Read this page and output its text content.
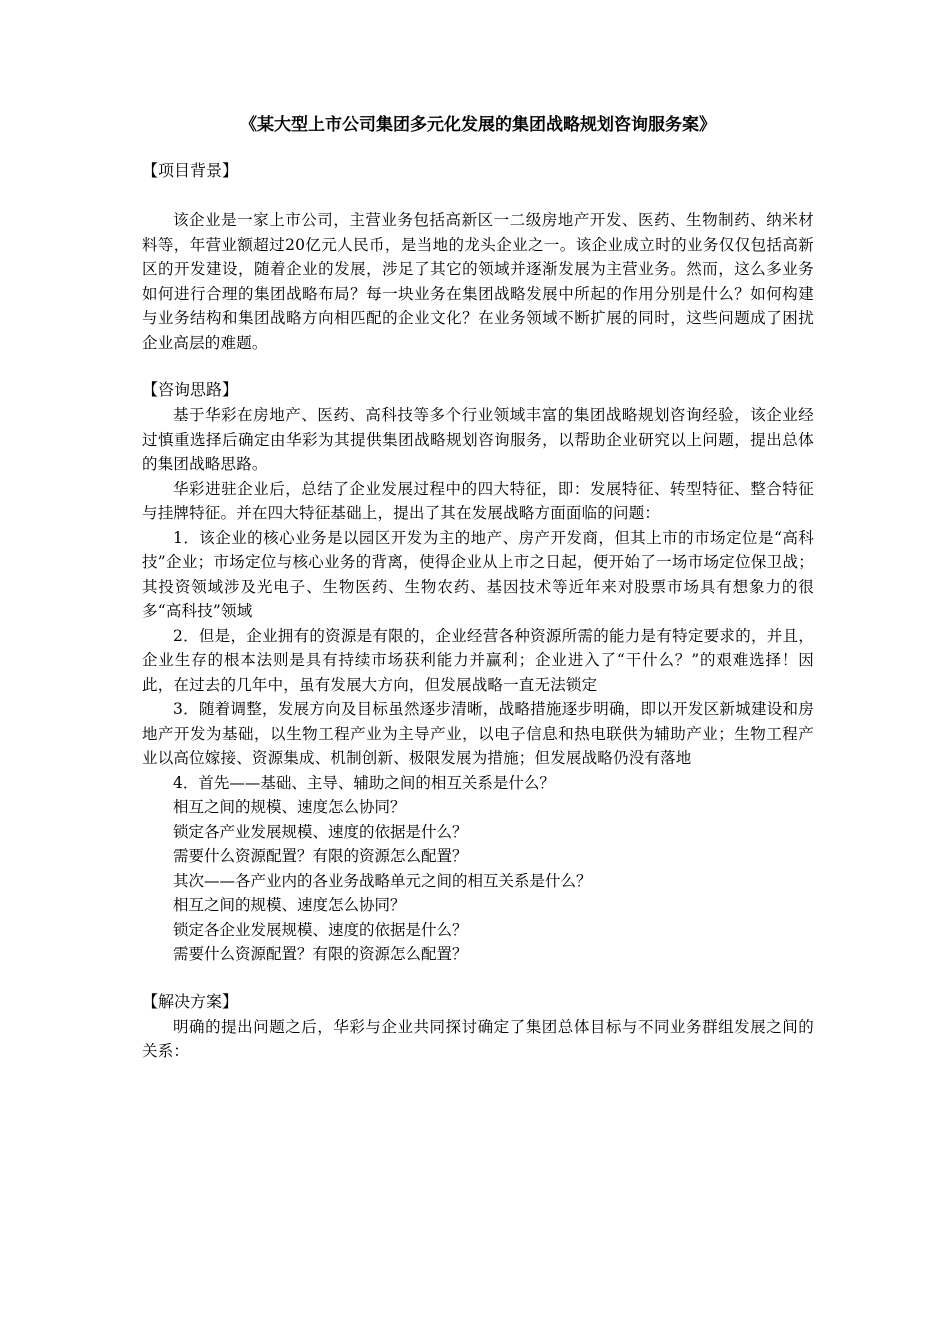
《某大型上市公司集团多元化发展的集团战略规划咨询服务案》
【项目背景】

该企业是一家上市公司，主营业务包括高新区一二级房地产开发、医药、生物制药、纳米材料等，年营业额超过20亿元人民币，是当地的龙头企业之一。该企业成立时的业务仅仅包括高新区的开发建设，随着企业的发展，涉足了其它的领域并逐渐发展为主营业务。然而，这么多业务如何进行合理的集团战略布局？每一块业务在集团战略发展中所起的作用分别是什么？如何构建与业务结构和集团战略方向相匹配的企业文化？在业务领域不断扩展的同时，这些问题成了困扰企业高层的难题。

【咨询思路】

基于华彩在房地产、医药、高科技等多个行业领域丰富的集团战略规划咨询经验，该企业经过慎重选择后确定由华彩为其提供集团战略规划咨询服务，以帮助企业研究以上问题，提出总体的集团战略思路。

华彩进驻企业后，总结了企业发展过程中的四大特征，即：发展特征、转型特征、整合特征与挂牌特征。并在四大特征基础上，提出了其在发展战略方面面临的问题：

1．该企业的核心业务是以园区开发为主的地产、房产开发商，但其上市的市场定位是“高科技”企业；市场定位与核心业务的背离，使得企业从上市之日起，便开始了一场市场定位保卫战；其投资领域涉及光电子、生物医药、生物农药、基因技术等近年来对股票市场具有想象力的很多“高科技”领域

2．但是，企业拥有的资源是有限的，企业经营各种资源所需的能力是有特定要求的，并且，企业生存的根本法则是具有持续市场获利能力并赢利；企业进入了“干什么？”的艰难选择！因此，在过去的几年中，虽有发展大方向，但发展战略一直无法锁定

3．随着调整，发展方向及目标虽然逐步清晰，战略措施逐步明确，即以开发区新城建设和房地产开发为基础，以生物工程产业为主导产业，以电子信息和热电联供为辅助产业；生物工程产业以高位嫁接、资源集成、机制创新、极限发展为措施；但发展战略仍没有落地

4．首先——基础、主导、辅助之间的相互关系是什么？
相互之间的规模、速度怎么协同？
锁定各产业发展规模、速度的依据是什么？
需要什么资源配置？有限的资源怎么配置？
其次——各产业内的各业务战略单元之间的相互关系是什么？
相互之间的规模、速度怎么协同？
锁定各企业发展规模、速度的依据是什么？
需要什么资源配置？有限的资源怎么配置？
【解决方案】

明确的提出问题之后，华彩与企业共同探讨确定了集团总体目标与不同业务群组发展之间的关系：
